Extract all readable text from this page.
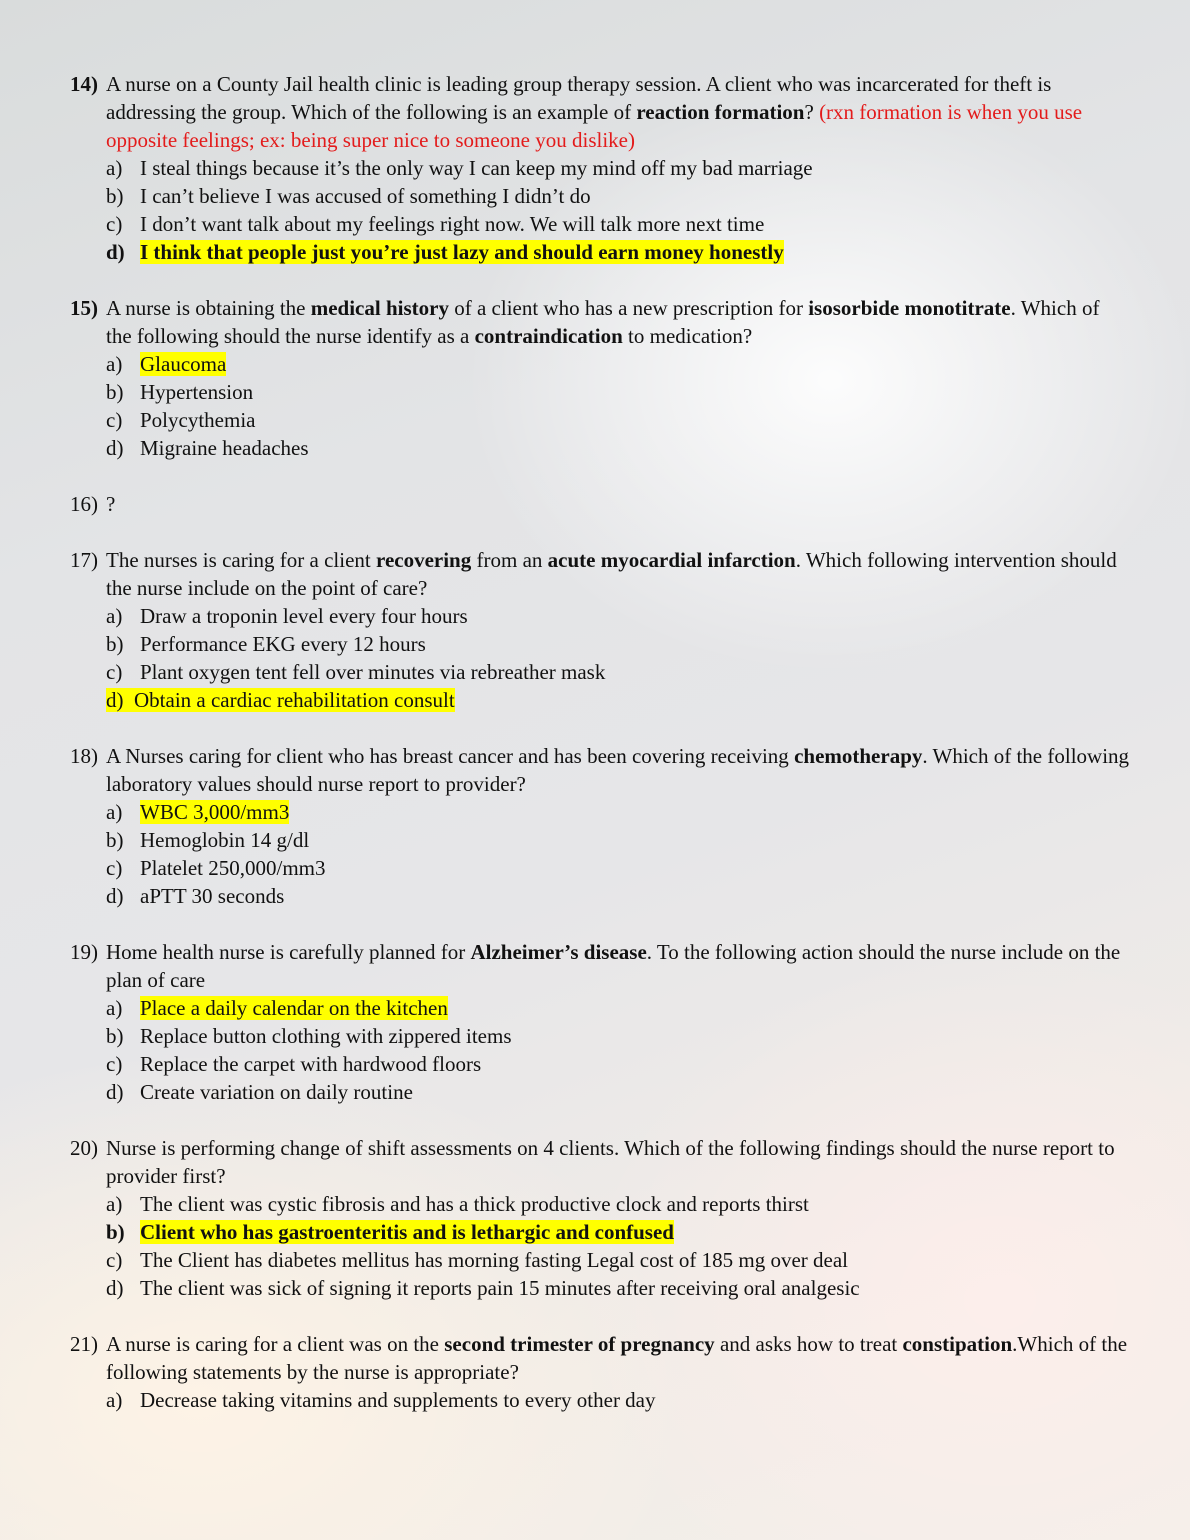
14) A nurse on a County Jail health clinic is leading group therapy session. A client who was incarcerated for theft is addressing the group. Which of the following is an example of reaction formation? (rxn formation is when you use opposite feelings; ex: being super nice to someone you dislike)
a) I steal things because it’s the only way I can keep my mind off my bad marriage
b) I can’t believe I was accused of something I didn’t do
c) I don’t want talk about my feelings right now. We will talk more next time
d) I think that people just you’re just lazy and should earn money honestly
15) A nurse is obtaining the medical history of a client who has a new prescription for isosorbide monotitrate. Which of the following should the nurse identify as a contraindication to medication?
a) Glaucoma
b) Hypertension
c) Polycythemia
d) Migraine headaches
16) ?
17) The nurses is caring for a client recovering from an acute myocardial infarction. Which following intervention should the nurse include on the point of care?
a) Draw a troponin level every four hours
b) Performance EKG every 12 hours
c) Plant oxygen tent fell over minutes via rebreather mask
d) Obtain a cardiac rehabilitation consult
18) A Nurses caring for client who has breast cancer and has been covering receiving chemotherapy. Which of the following laboratory values should nurse report to provider?
a) WBC 3,000/mm3
b) Hemoglobin 14 g/dl
c) Platelet 250,000/mm3
d) aPTT 30 seconds
19) Home health nurse is carefully planned for Alzheimer’s disease. To the following action should the nurse include on the plan of care
a) Place a daily calendar on the kitchen
b) Replace button clothing with zippered items
c) Replace the carpet with hardwood floors
d) Create variation on daily routine
20) Nurse is performing change of shift assessments on 4 clients. Which of the following findings should the nurse report to provider first?
a) The client was cystic fibrosis and has a thick productive clock and reports thirst
b) Client who has gastroenteritis and is lethargic and confused
c) The Client has diabetes mellitus has morning fasting Legal cost of 185 mg over deal
d) The client was sick of signing it reports pain 15 minutes after receiving oral analgesic
21) A nurse is caring for a client was on the second trimester of pregnancy and asks how to treat constipation.Which of the following statements by the nurse is appropriate?
a) Decrease taking vitamins and supplements to every other day
